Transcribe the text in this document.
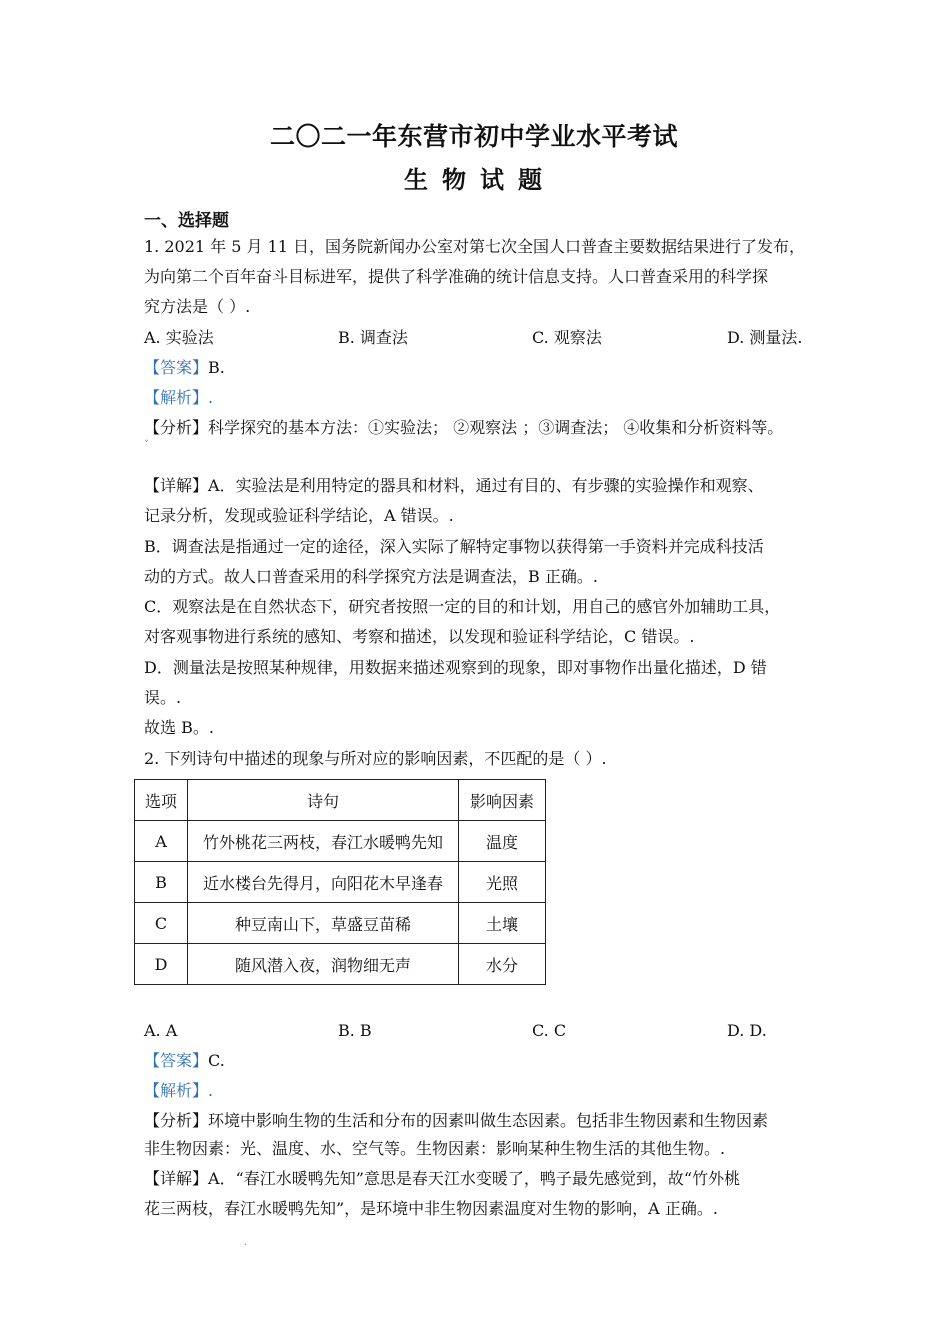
二〇二一年东营市初中学业水平考试
生物试题
一、选择题
1. 2021 年 5 月 11 日，国务院新闻办公室对第七次全国人口普查主要数据结果进行了发布，
为向第二个百年奋斗目标进军，提供了科学准确的统计信息支持。人口普查采用的科学探
究方法是（ ）.
A. 实验法	B. 调查法	C. 观察法	D. 测量法.
【答案】B.
【解析】.
【分析】科学探究的基本方法：①实验法； ②观察法 ；③调查法； ④收集和分析资料等。
˅
【详解】A．实验法是利用特定的器具和材料，通过有目的、有步骤的实验操作和观察、
记录分析，发现或验证科学结论，A 错误。.
B．调查法是指通过一定的途径，深入实际了解特定事物以获得第一手资料并完成科技活
动的方式。故人口普查采用的科学探究方法是调查法，B 正确。.
C．观察法是在自然状态下，研究者按照一定的目的和计划，用自己的感官外加辅助工具，
对客观事物进行系统的感知、考察和描述，以发现和验证科学结论，C 错误。.
D．测量法是按照某种规律，用数据来描述观察到的现象，即对事物作出量化描述，D 错
误。.
故选 B。.
2. 下列诗句中描述的现象与所对应的影响因素，不匹配的是（ ）.
选项	诗句	影响因素
A	竹外桃花三两枝，春江水暖鸭先知	温度
B	近水楼台先得月，向阳花木早逢春	光照
C	种豆南山下，草盛豆苗稀	土壤
D	随风潜入夜，润物细无声	水分
A. A	B. B	C. C	D. D.
【答案】C.
【解析】.
【分析】环境中影响生物的生活和分布的因素叫做生态因素。包括非生物因素和生物因素
非生物因素：光、温度、水、空气等。生物因素：影响某种生物生活的其他生物。.
【详解】A．“春江水暖鸭先知”意思是春天江水变暖了，鸭子最先感觉到，故“竹外桃
花三两枝，春江水暖鸭先知”，是环境中非生物因素温度对生物的影响，A 正确。.
·
